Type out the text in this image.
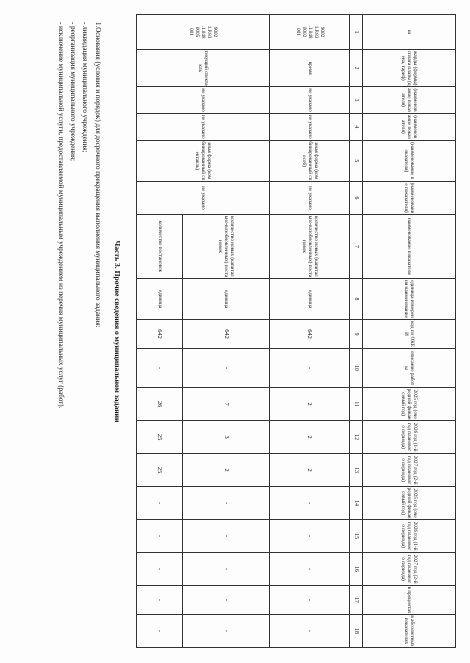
ш	жарды (формы) сплата платы (цена, тариф)	(наименование показателя)	(наименование показателя)	(наименование показателя)	(наименование показателя)	наименование показателя	единица измерения наименование	код по ОКЕИ	описание работы	2025 год (очередной финансовый год)	2026 год (1-й год планового периода)	2027 год (2-й год планового периода)	2025 год (очередной финансовый год)	2026 год (1-й год планового периода)	2027 год (2-й год планового периода)	в процентах	в абсолютных показателях
1	2	3	4	5	6	7	8	9	10	11	12	13	14	15	16	17	18
9002
1.Р.83
.1.048
0002
001	время	не указано	не указано	иная форма (комбинированный способ)	не указано	количество новых (капитально-возобновленных) постановок	единица	642	-	2	2	2	-	-	-	-	-
9002
1.Р.83
.1.048
0005
001	текущий спектакль	не указано	не указано	иная форма (комбинированный спектакль)	не указано	количество новых (капитально-возобновленных) постановок	единица	642	-	7	3	2	-	-	-	-	-
						количество постановок	единица	642	-	26	25	25	-	-	-	-	-
Часть 3. Прочие сведения о муниципальном задании
1.Основания (условия и порядок) для досрочного прекращения выполнения муниципального задания:
- ликвидация муниципального учреждения;
- реорганизация муниципального учреждения;
- исключение муниципальной услуги, предоставляемой муниципальным учреждением из перечня муниципальных услуг (работ).
